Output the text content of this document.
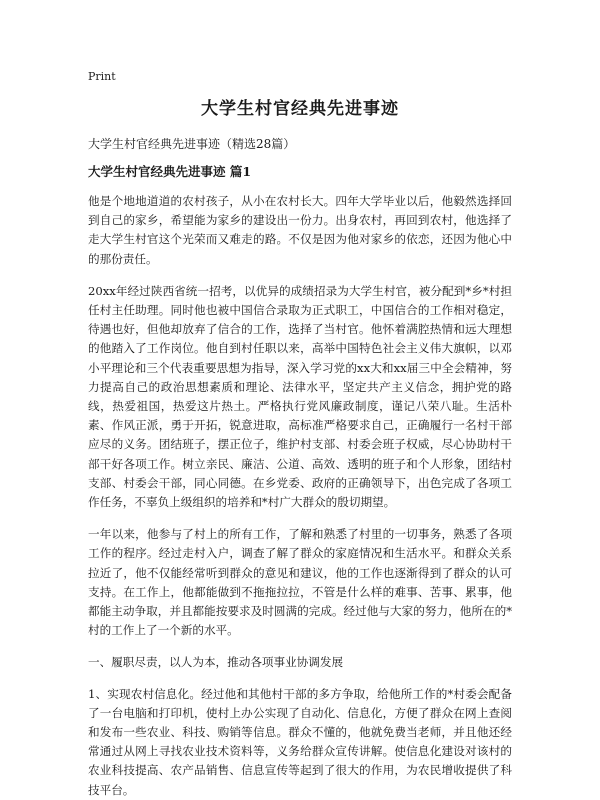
Print
大学生村官经典先进事迹
大学生村官经典先进事迹（精选28篇）
大学生村官经典先进事迹 篇1

他是个地地道道的农村孩子，从小在农村长大。四年大学毕业以后，他毅然选择回到自己的家乡，希望能为家乡的建设出一份力。出身农村，再回到农村，他选择了走大学生村官这个光荣而又难走的路。不仅是因为他对家乡的依恋，还因为他心中的那份责任。

20xx年经过陕西省统一招考，以优异的成绩招录为大学生村官，被分配到*乡*村担任村主任助理。同时他也被中国信合录取为正式职工，中国信合的工作相对稳定，待遇也好，但他却放弃了信合的工作，选择了当村官。他怀着满腔热情和远大理想的他踏入了工作岗位。他自到村任职以来，高举中国特色社会主义伟大旗帜，以邓小平理论和三个代表重要思想为指导，深入学习党的xx大和xx届三中全会精神，努力提高自己的政治思想素质和理论、法律水平，坚定共产主义信念，拥护党的路线，热爱祖国，热爱这片热土。严格执行党风廉政制度，谨记八荣八耻。生活朴素、作风正派，勇于开拓，锐意进取，高标准严格要求自己，正确履行一名村干部应尽的义务。团结班子，摆正位子，维护村支部、村委会班子权威，尽心协助村干部干好各项工作。树立亲民、廉洁、公道、高效、透明的班子和个人形象，团结村支部、村委会干部，同心同德。在乡党委、政府的正确领导下，出色完成了各项工作任务，不辜负上级组织的培养和*村广大群众的殷切期望。

一年以来，他参与了村上的所有工作，了解和熟悉了村里的一切事务，熟悉了各项工作的程序。经过走村入户，调查了解了群众的家庭情况和生活水平。和群众关系拉近了，他不仅能经常听到群众的意见和建议，他的工作也逐渐得到了群众的认可支持。在工作上，他都能做到不拖拖拉拉，不管是什么样的难事、苦事、累事，他都能主动争取，并且都能按要求及时圆满的完成。经过他与大家的努力，他所在的*村的工作上了一个新的水平。

一、履职尽责，以人为本，推动各项事业协调发展

1、实现农村信息化。经过他和其他村干部的多方争取，给他所工作的*村委会配备了一台电脑和打印机，使村上办公实现了自动化、信息化，方便了群众在网上查阅和发布一些农业、科技、购销等信息。群众不懂的，他就免费当老师，并且他还经常通过从网上寻找农业技术资料等，义务给群众宣传讲解。使信息化建设对该村的农业科技提高、农产品销售、信息宣传等起到了很大的作用，为农民增收提供了科技平台。
